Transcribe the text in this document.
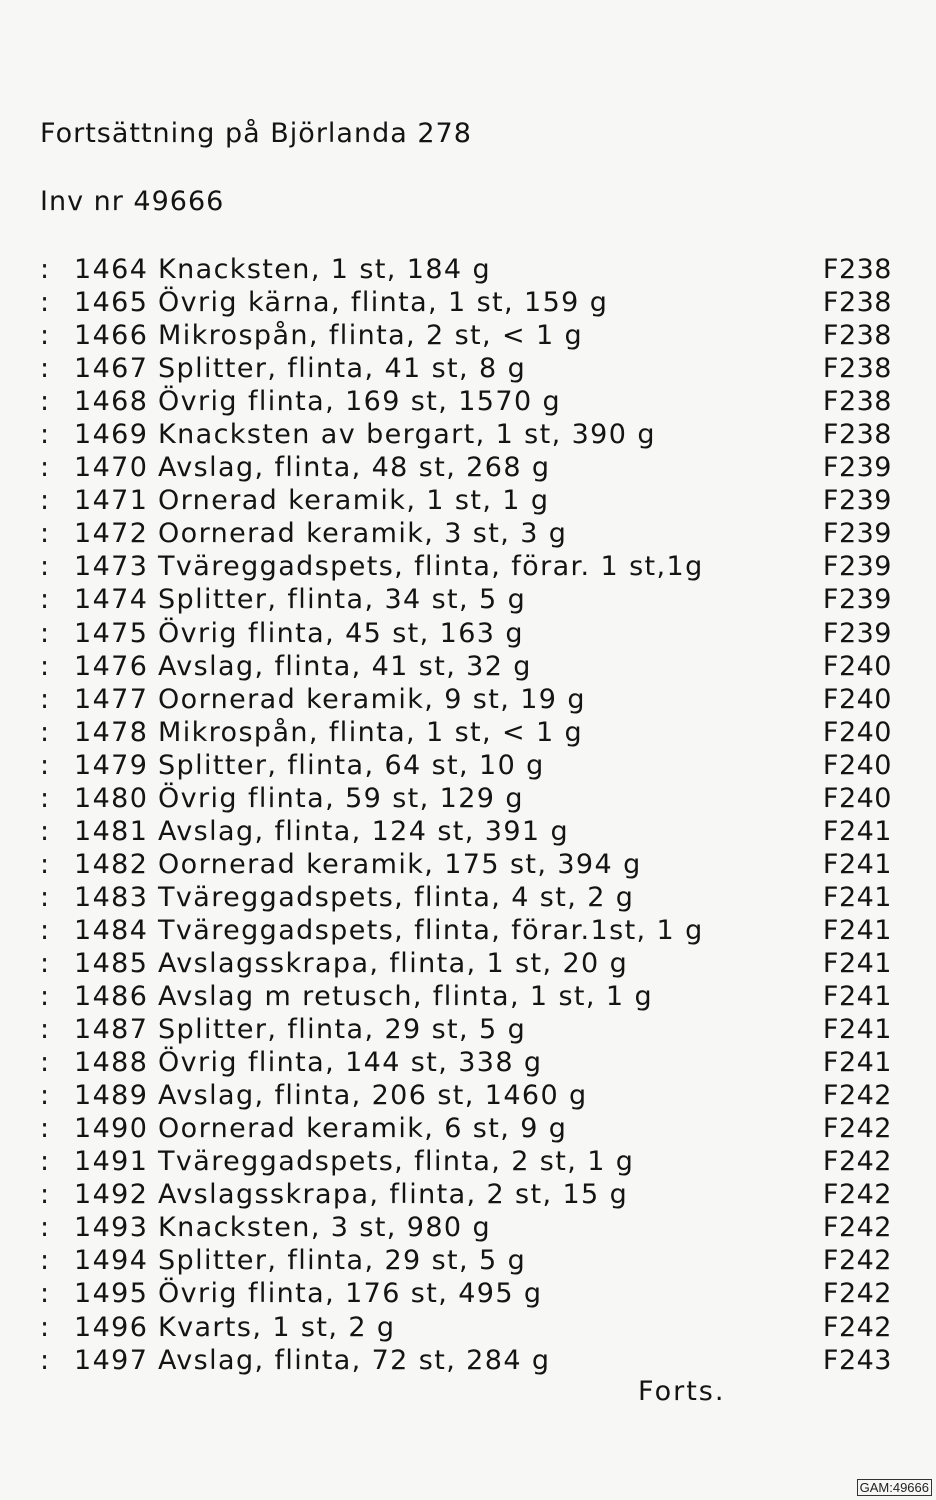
Fortsättning på Björlanda 278
Inv nr 49666
: 1464 Knacksten, 1 st, 184 g	F238
: 1465 Övrig kärna, flinta, 1 st, 159 g	F238
: 1466 Mikrospån, flinta, 2 st, < 1 g	F238
: 1467 Splitter, flinta, 41 st, 8 g	F238
: 1468 Övrig flinta, 169 st, 1570 g	F238
: 1469 Knacksten av bergart, 1 st, 390 g	F238
: 1470 Avslag, flinta, 48 st, 268 g	F239
: 1471 Ornerad keramik, 1 st, 1 g	F239
: 1472 Oornerad keramik, 3 st, 3 g	F239
: 1473 Tväreggadspets, flinta, förar. 1 st,1g	F239
: 1474 Splitter, flinta, 34 st, 5 g	F239
: 1475 Övrig flinta, 45 st, 163 g	F239
: 1476 Avslag, flinta, 41 st, 32 g	F240
: 1477 Oornerad keramik, 9 st, 19 g	F240
: 1478 Mikrospån, flinta, 1 st, < 1 g	F240
: 1479 Splitter, flinta, 64 st, 10 g	F240
: 1480 Övrig flinta, 59 st, 129 g	F240
: 1481 Avslag, flinta, 124 st, 391 g	F241
: 1482 Oornerad keramik, 175 st, 394 g	F241
: 1483 Tväreggadspets, flinta, 4 st, 2 g	F241
: 1484 Tväreggadspets, flinta, förar.1st, 1 g	F241
: 1485 Avslagsskrapa, flinta, 1 st, 20 g	F241
: 1486 Avslag m retusch, flinta, 1 st, 1 g	F241
: 1487 Splitter, flinta, 29 st, 5 g	F241
: 1488 Övrig flinta, 144 st, 338 g	F241
: 1489 Avslag, flinta, 206 st, 1460 g	F242
: 1490 Oornerad keramik, 6 st, 9 g	F242
: 1491 Tväreggadspets, flinta, 2 st, 1 g	F242
: 1492 Avslagsskrapa, flinta, 2 st, 15 g	F242
: 1493 Knacksten, 3 st, 980 g	F242
: 1494 Splitter, flinta, 29 st, 5 g	F242
: 1495 Övrig flinta, 176 st, 495 g	F242
: 1496 Kvarts, 1 st, 2 g	F242
: 1497 Avslag, flinta, 72 st, 284 g	F243
Forts.
GAM:49666
